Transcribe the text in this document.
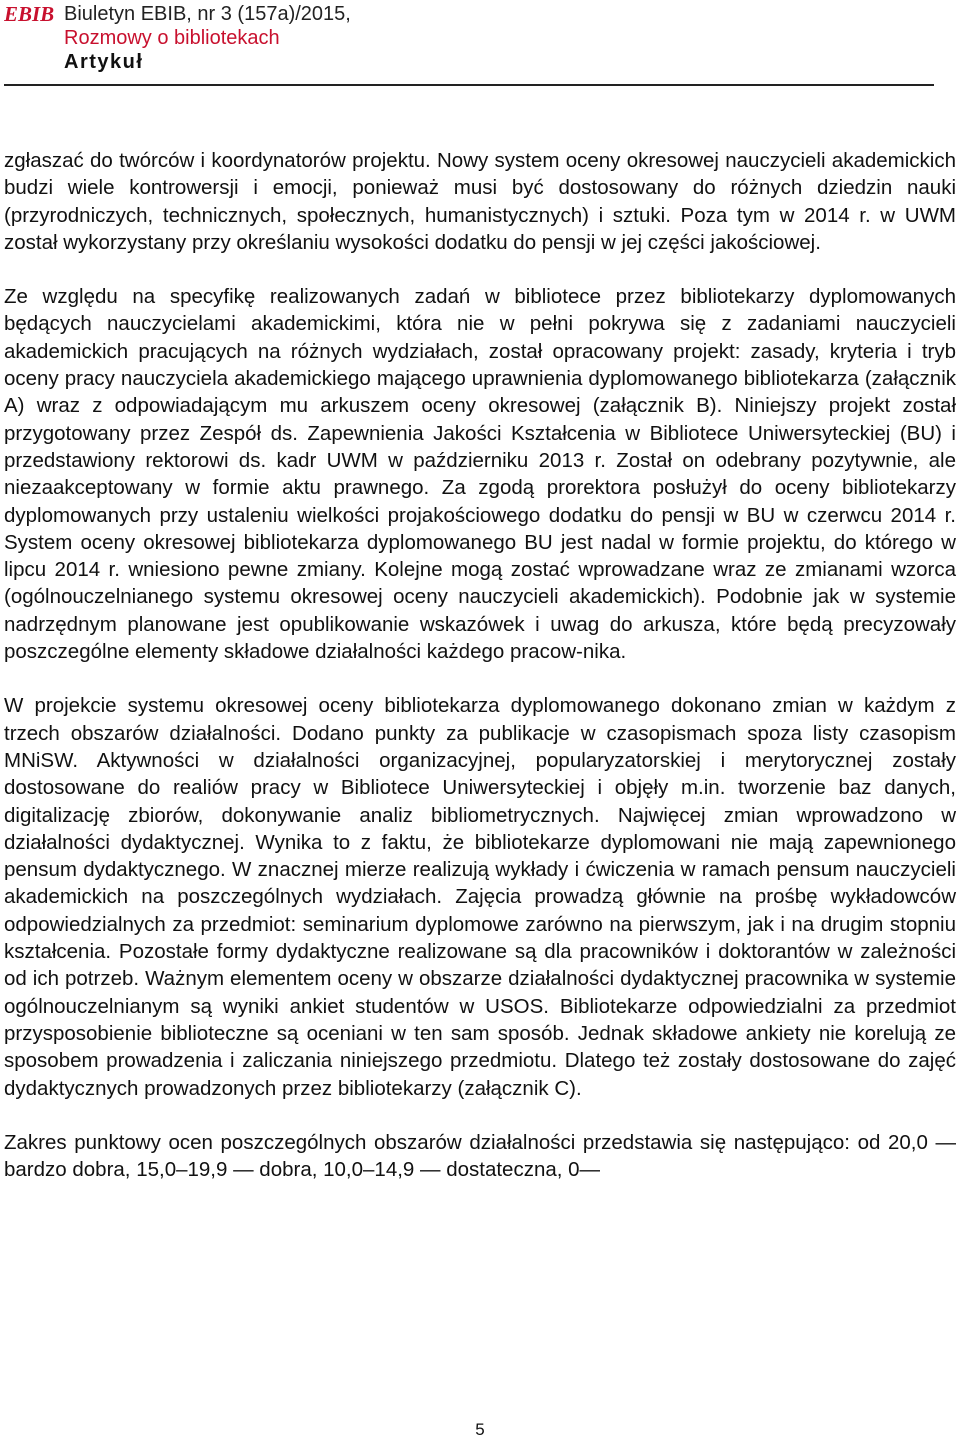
EB IB Biuletyn EBIB, nr 3 (157a)/2015,
Rozmowy o bibliotekach
Artykuł

zgłaszać do twórców i koordynatorów projektu. Nowy system oceny okresowej nauczycieli akademickich budzi wiele kontrowersji i emocji, ponieważ musi być dostosowany do różnych dziedzin nauki (przyrodniczych, technicznych, społecznych, humanistycznych) i sztuki. Poza tym w 2014 r. w UWM został wykorzystany przy określaniu wysokości dodatku do pensji w jej części jakościowej.

Ze względu na specyfikę realizowanych zadań w bibliotece przez bibliotekarzy dyplomowanych będących nauczycielami akademickimi, która nie w pełni pokrywa się z zadaniami nauczycieli akademickich pracujących na różnych wydziałach, został opracowany projekt: zasady, kryteria i tryb oceny pracy nauczyciela akademickiego mającego uprawnienia dyplomowanego bibliotekarza (załącznik A) wraz z odpowiadającym mu arkuszem oceny okresowej (załącznik B). Niniejszy projekt został przygotowany przez Zespół ds. Zapewnienia Jakości Kształcenia w Bibliotece Uniwersyteckiej (BU) i przedstawiony rektorowi ds. kadr UWM w październiku 2013 r. Został on odebrany pozytywnie, ale niezaakceptowany w formie aktu prawnego. Za zgodą prorektora posłużył do oceny bibliotekarzy dyplomowanych przy ustaleniu wielkości projakościowego dodatku do pensji w BU w czerwcu 2014 r. System oceny okresowej bibliotekarza dyplomowanego BU jest nadal w formie projektu, do którego w lipcu 2014 r. wniesiono pewne zmiany. Kolejne mogą zostać wprowadzane wraz ze zmianami wzorca (ogólnouczelnianego systemu okresowej oceny nauczycieli akademickich). Podobnie jak w systemie nadrzędnym planowane jest opublikowanie wskazówek i uwag do arkusza, które będą precyzowały poszczególne elementy składowe działalności każdego pracow-nika.

W projekcie systemu okresowej oceny bibliotekarza dyplomowanego dokonano zmian w każdym z trzech obszarów działalności. Dodano punkty za publikacje w czasopismach spoza listy czasopism MNiSW. Aktywności w działalności organizacyjnej, popularyzatorskiej i merytorycznej zostały dostosowane do realiów pracy w Bibliotece Uniwersyteckiej i objęły m.in. tworzenie baz danych, digitalizację zbiorów, dokonywanie analiz bibliometrycznych. Najwięcej zmian wprowadzono w działalności dydaktycznej. Wynika to z faktu, że bibliotekarze dyplomowani nie mają zapewnionego pensum dydaktycznego. W znacznej mierze realizują wykłady i ćwiczenia w ramach pensum nauczycieli akademickich na poszczególnych wydziałach. Zajęcia prowadzą głównie na prośbę wykładowców odpowiedzialnych za przedmiot: seminarium dyplomowe zarówno na pierwszym, jak i na drugim stopniu kształcenia. Pozostałe formy dydaktyczne realizowane są dla pracowników i doktorantów w zależności od ich potrzeb. Ważnym elementem oceny w obszarze działalności dydaktycznej pracownika w systemie ogólnouczelnianym są wyniki ankiet studentów w USOS. Bibliotekarze odpowiedzialni za przedmiot przysposobienie biblioteczne są oceniani w ten sam sposób. Jednak składowe ankiety nie korelują ze sposobem prowadzenia i zaliczania niniejszego przedmiotu. Dlatego też zostały dostosowane do zajęć dydaktycznych prowadzonych przez bibliotekarzy (załącznik C).

Zakres punktowy ocen poszczególnych obszarów działalności przedstawia się następująco: od 20,0 — bardzo dobra, 15,0–19,9 — dobra, 10,0–14,9 — dostateczna, 0—

5
